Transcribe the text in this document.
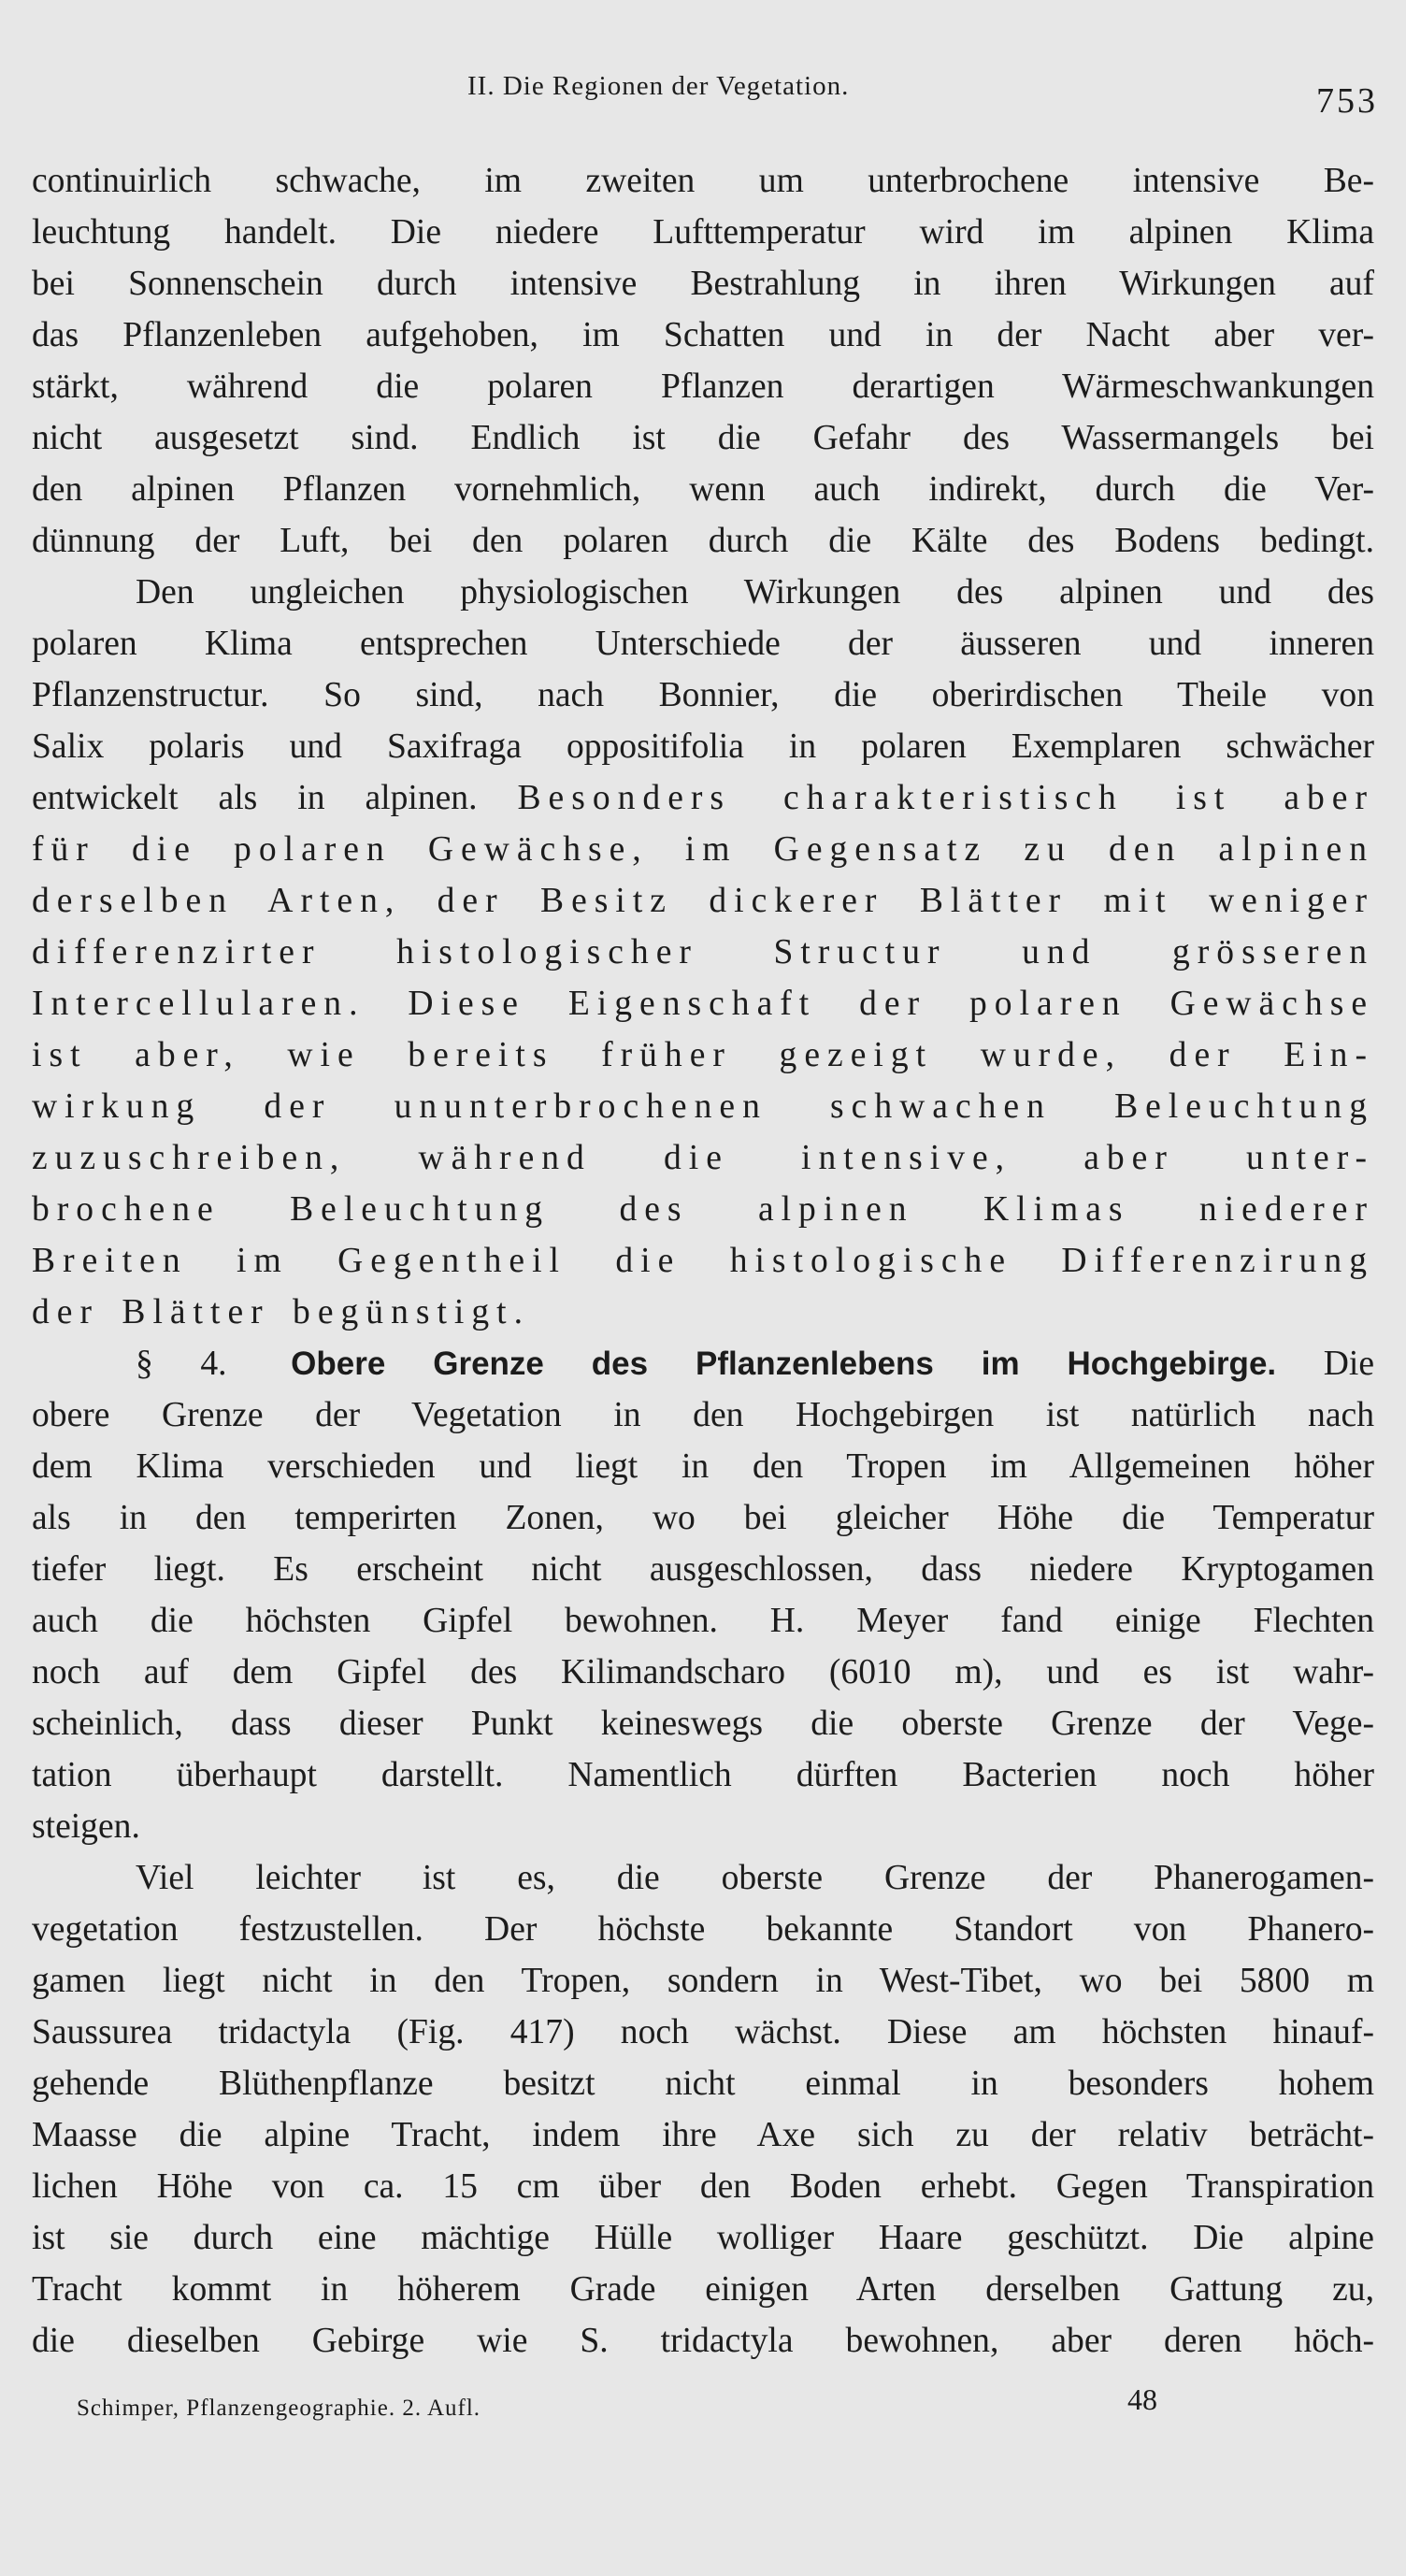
II. Die Regionen der Vegetation.	753
continuirlich schwache, im zweiten um unterbrochene intensive Be-
leuchtung handelt. Die niedere Lufttemperatur wird im alpinen Klima
bei Sonnenschein durch intensive Bestrahlung in ihren Wirkungen auf
das Pflanzenleben aufgehoben, im Schatten und in der Nacht aber ver-
stärkt, während die polaren Pflanzen derartigen Wärmeschwankungen
nicht ausgesetzt sind. Endlich ist die Gefahr des Wassermangels bei
den alpinen Pflanzen vornehmlich, wenn auch indirekt, durch die Ver-
dünnung der Luft, bei den polaren durch die Kälte des Bodens bedingt.
Den ungleichen physiologischen Wirkungen des alpinen und des
polaren Klima entsprechen Unterschiede der äusseren und inneren
Pflanzenstructur. So sind, nach Bonnier, die oberirdischen Theile von
Salix polaris und Saxifraga oppositifolia in polaren Exemplaren schwächer
entwickelt als in alpinen. Besonders charakteristisch ist aber
für die polaren Gewächse, im Gegensatz zu den alpinen
derselben Arten, der Besitz dickerer Blätter mit weniger
differenzirter histologischer Structur und grösseren
Intercellularen. Diese Eigenschaft der polaren Gewächse
ist aber, wie bereits früher gezeigt wurde, der Ein-
wirkung der ununterbrochenen schwachen Beleuchtung
zuzuschreiben, während die intensive, aber unter-
brochene Beleuchtung des alpinen Klimas niederer
Breiten im Gegentheil die histologische Differenzirung
der Blätter begünstigt.
§ 4. Obere Grenze des Pflanzenlebens im Hochgebirge. Die
obere Grenze der Vegetation in den Hochgebirgen ist natürlich nach
dem Klima verschieden und liegt in den Tropen im Allgemeinen höher
als in den temperirten Zonen, wo bei gleicher Höhe die Temperatur
tiefer liegt. Es erscheint nicht ausgeschlossen, dass niedere Kryptogamen
auch die höchsten Gipfel bewohnen. H. Meyer fand einige Flechten
noch auf dem Gipfel des Kilimandscharo (6010 m), und es ist wahr-
scheinlich, dass dieser Punkt keineswegs die oberste Grenze der Vege-
tation überhaupt darstellt. Namentlich dürften Bacterien noch höher
steigen.
Viel leichter ist es, die oberste Grenze der Phanerogamen-
vegetation festzustellen. Der höchste bekannte Standort von Phanero-
gamen liegt nicht in den Tropen, sondern in West-Tibet, wo bei 5800 m
Saussurea tridactyla (Fig. 417) noch wächst. Diese am höchsten hinauf-
gehende Blüthenpflanze besitzt nicht einmal in besonders hohem
Maasse die alpine Tracht, indem ihre Axe sich zu der relativ beträcht-
lichen Höhe von ca. 15 cm über den Boden erhebt. Gegen Transpiration
ist sie durch eine mächtige Hülle wolliger Haare geschützt. Die alpine
Tracht kommt in höherem Grade einigen Arten derselben Gattung zu,
die dieselben Gebirge wie S. tridactyla bewohnen, aber deren höch-
Schimper, Pflanzengeographie. 2. Aufl.	48
